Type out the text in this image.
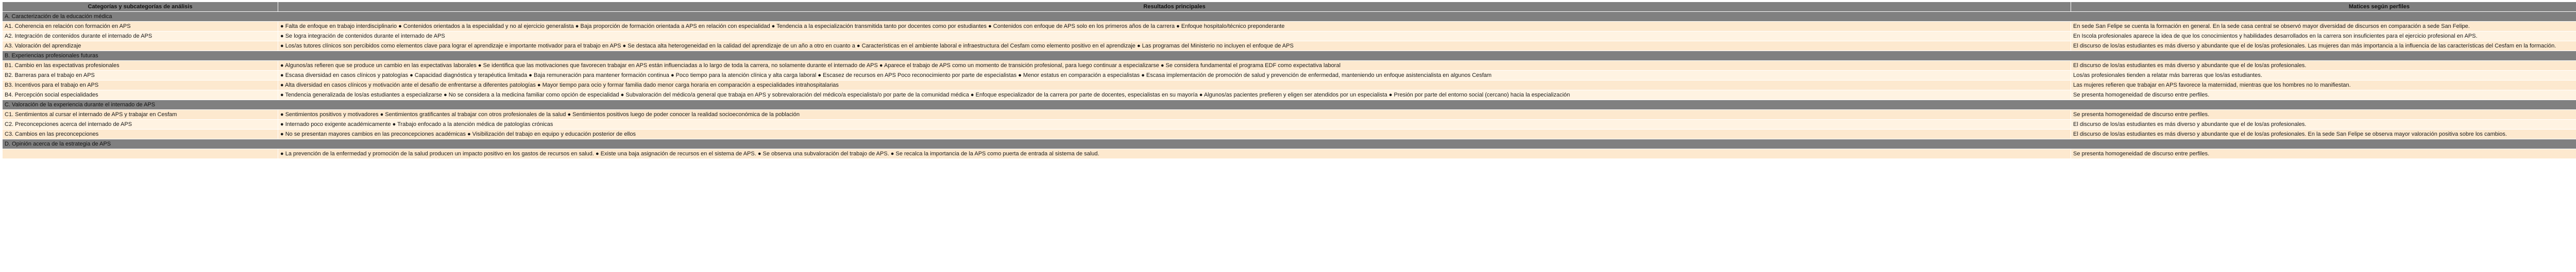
Categorías y subcategorías de análisis	Resultados principales	Matices según perfiles
A. Caracterización de la educación médica		
A1. Coherencia en relación con formación en APS	● Falta de enfoque en trabajo interdisciplinario ● Contenidos orientados a la especialidad y no al ejercicio generalista ● Baja proporción de formación orientada a APS en relación con especialidad ● Tendencia a la especialización transmitida tanto por docentes como por estudiantes ● Contenidos con enfoque de APS solo en los primeros años de la carrera ● Enfoque hospitalo/técnico preponderante	En sede San Felipe se cuenta la formación en general. En la sede casa central se observó mayor diversidad de discursos en comparación a sede San Felipe.
A2. Integración de contenidos durante el internado de APS	● Se logra integración de contenidos durante el internado de APS	En Iscola profesionales aparece la idea de que los conocimientos y habilidades desarrollados en la carrera son insuficientes para el ejercicio profesional en APS.
A3. Valoración del aprendizaje	● Los/as tutores clínicos son percibidos como elementos clave para lograr el aprendizaje e importante motivador para el trabajo en APS ● Se destaca alta heterogeneidad en la calidad del aprendizaje de un año a otro en cuanto a ● Características en el ambiente laboral e infraestructura del Cesfam como elemento positivo en el aprendizaje ● Las programas del Ministerio no incluyen el enfoque de APS	El discurso de los/as estudiantes es más diverso y abundante que el de los/as profesionales. Las mujeres dan más importancia a la influencia de las características del Cesfam en la formación.
B. Experiencias profesionales futuras		
B1. Cambio en las expectativas profesionales	● Algunos/as refieren que se produce un cambio en las expectativas laborales ● Se identifica que las motivaciones que favorecen trabajar en APS están influenciadas a lo largo de toda la carrera, no solamente durante el internado de APS ● Aparece el trabajo de APS como un momento de transición profesional, para luego continuar a especializarse ● Se considera fundamental el programa EDF como expectativa laboral	El discurso de los/as estudiantes es más diverso y abundante que el de los/as profesionales.
B2. Barreras para el trabajo en APS	● Escasa diversidad en casos clínicos y patologías ● Capacidad diagnóstica y terapéutica limitada ● Baja remuneración para mantener formación continua ● Poco tiempo para la atención clínica y alta carga laboral ● Escasez de recursos en APS Poco reconocimiento por parte de especialistas ● Menor estatus en comparación a especialistas ● Escasa implementación de promoción de salud y prevención de enfermedad, manteniendo un enfoque asistencialista en algunos Cesfam	Los/as profesionales tienden a relatar más barreras que los/as estudiantes.
B3. Incentivos para el trabajo en APS	● Alta diversidad en casos clínicos y motivación ante el desafío de enfrentarse a diferentes patologías ● Mayor tiempo para ocio y formar familia dado menor carga horaria en comparación a especialidades intrahospitalarias	Las mujeres refieren que trabajar en APS favorece la maternidad, mientras que los hombres no lo manifiestan.
B4. Percepción social especialidades	● Tendencia generalizada de los/as estudiantes a especializarse ● No se considera a la medicina familiar como opción de especialidad ● Subvaloración del médico/a general que trabaja en APS y sobrevaloración del médico/a especialista/o por parte de la comunidad médica ● Enfoque especializador de la carrera por parte de docentes, especialistas en su mayoría ● Algunos/as pacientes prefieren y eligen ser atendidos por un especialista ● Presión por parte del entorno social (cercano) hacia la especialización	Se presenta homogeneidad de discurso entre perfiles.
C. Valoración de la experiencia durante el internado de APS		
C1. Sentimientos al cursar el internado de APS y trabajar en Cesfam	● Sentimientos positivos y motivadores ● Sentimientos gratificantes al trabajar con otros profesionales de la salud ● Sentimientos positivos luego de poder conocer la realidad socioeconómica de la población	Se presenta homogeneidad de discurso entre perfiles.
C2. Preconcepciones acerca del internado de APS	● Internado poco exigente académicamente ● Trabajo enfocado a la atención médica de patologías crónicas	El discurso de los/as estudiantes es más diverso y abundante que el de los/as profesionales.
C3. Cambios en las preconcepciones	● No se presentan mayores cambios en las preconcepciones académicas ● Visibilización del trabajo en equipo y educación posterior de ellos	El discurso de los/as estudiantes es más diverso y abundante que el de los/as profesionales. En la sede San Felipe se observa mayor valoración positiva sobre los cambios.
D. Opinión acerca de la estrategia de APS		
	● La prevención de la enfermedad y promoción de la salud producen un impacto positivo en los gastos de recursos en salud. ● Existe una baja asignación de recursos en el sistema de APS. ● Se observa una subvaloración del trabajo de APS. ● Se recalca la importancia de la APS como puerta de entrada al sistema de salud.	Se presenta homogeneidad de discurso entre perfiles.
